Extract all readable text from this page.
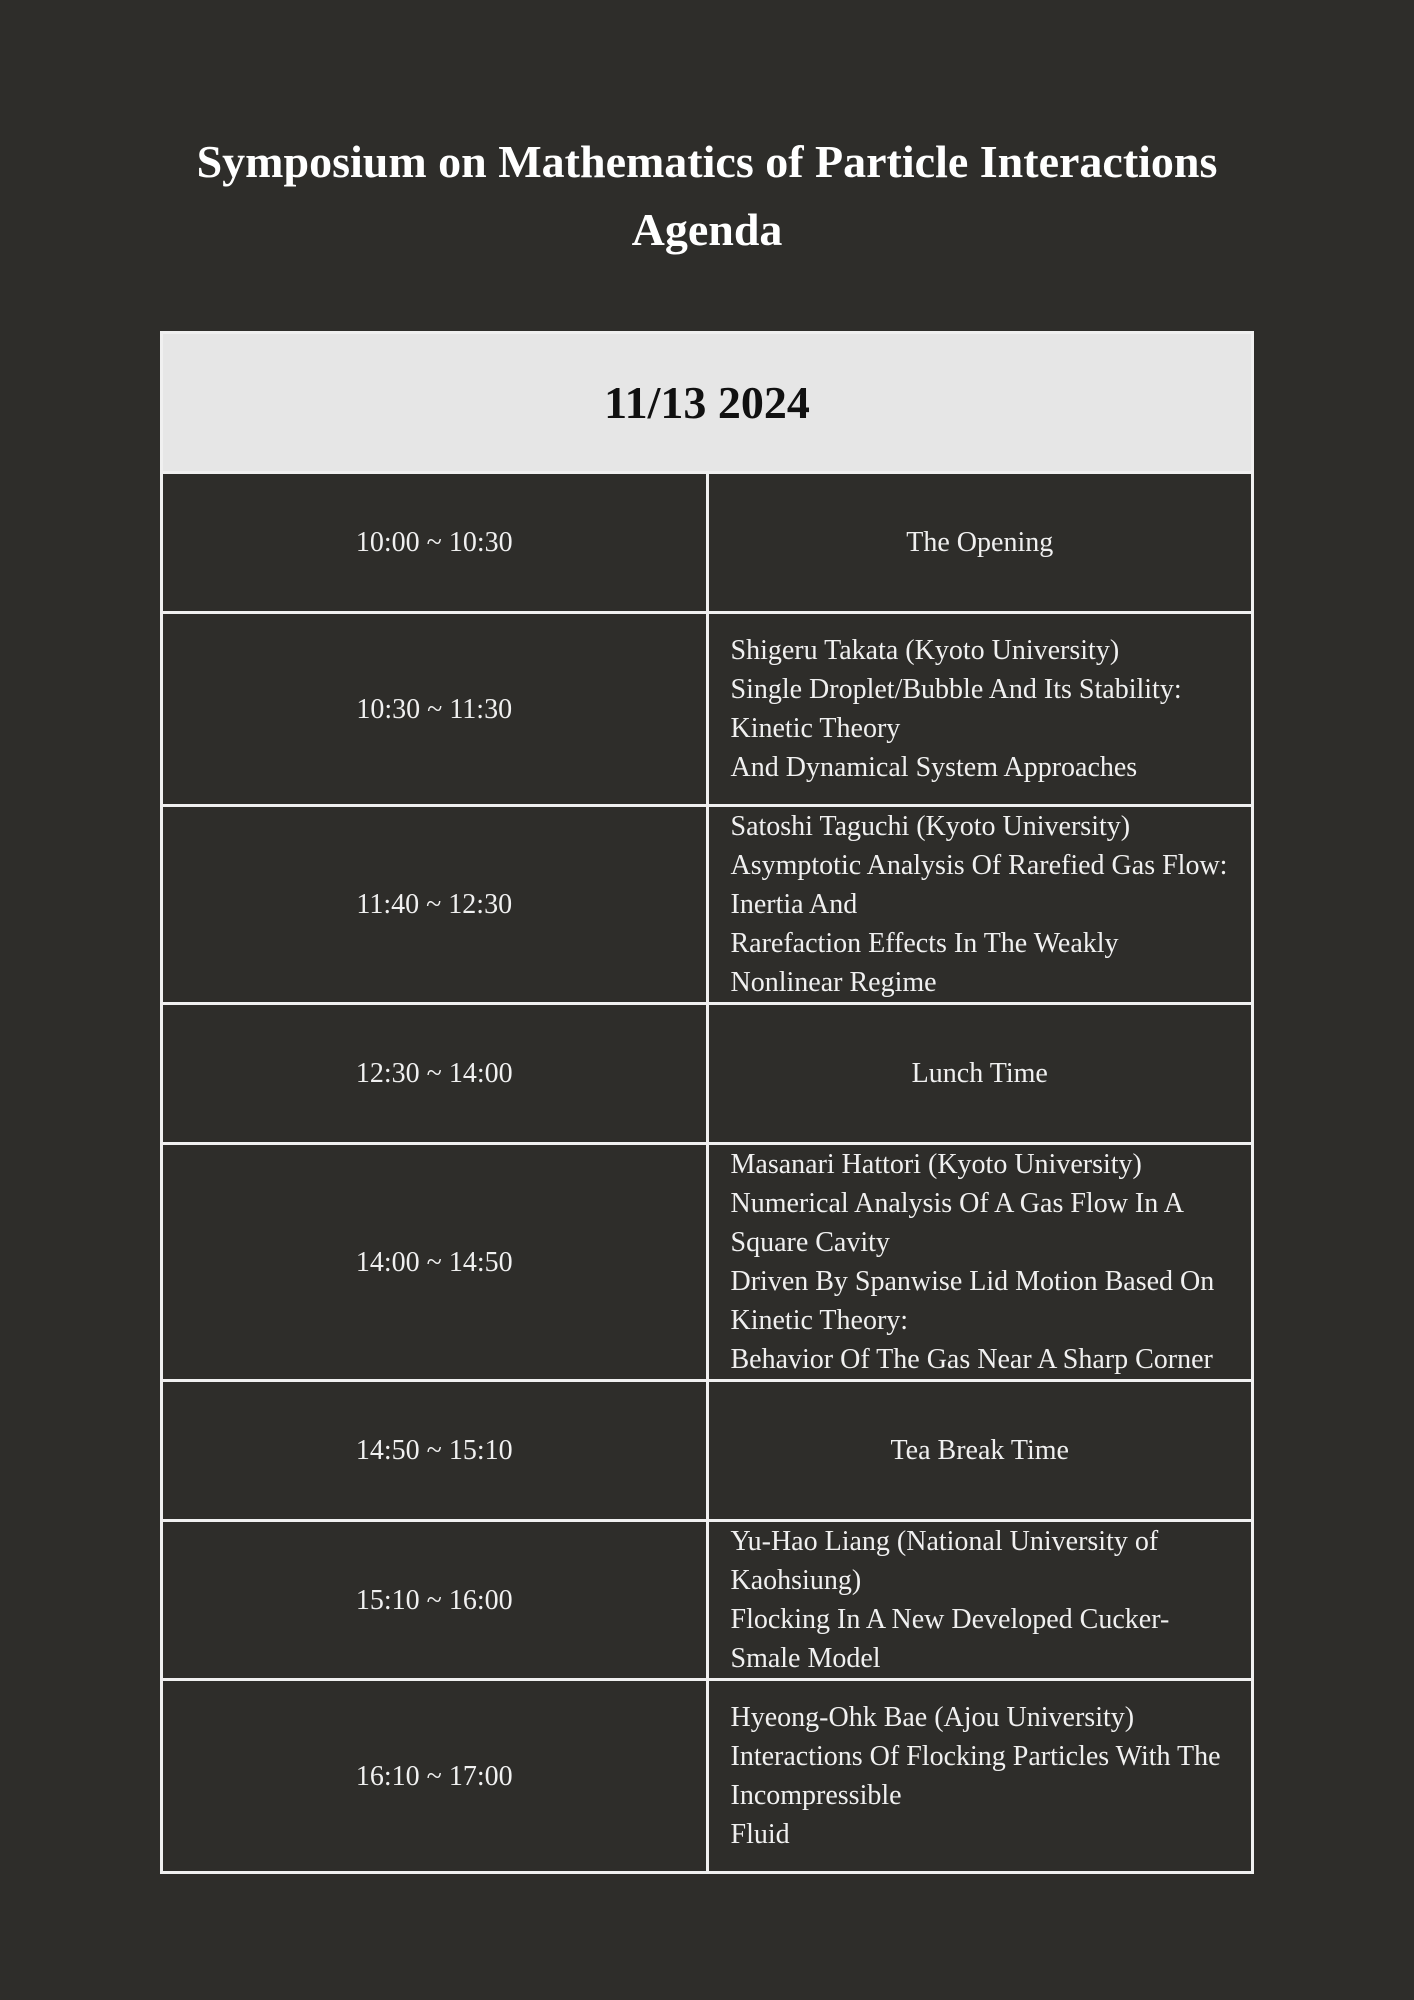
Symposium on Mathematics of Particle Interactions
Agenda
11/13 2024	
10:00 ~ 10:30	The Opening
10:30 ~ 11:30	Shigeru Takata (Kyoto University)
Single Droplet/Bubble And Its Stability: Kinetic Theory
And Dynamical System Approaches

11:40 ~ 12:30	Satoshi Taguchi (Kyoto University)
Asymptotic Analysis Of Rarefied Gas Flow: Inertia And
Rarefaction Effects In The Weakly Nonlinear Regime

12:30 ~ 14:00	Lunch Time
14:00 ~ 14:50	Masanari Hattori (Kyoto University)
Numerical Analysis Of A Gas Flow In A Square Cavity
Driven By Spanwise Lid Motion Based On Kinetic Theory:
Behavior Of The Gas Near A Sharp Corner

14:50 ~ 15:10	Tea Break Time
15:10 ~ 16:00	Yu-Hao Liang (National University of Kaohsiung)
Flocking In A New Developed Cucker-Smale Model

16:10 ~ 17:00	Hyeong-Ohk Bae (Ajou University)
Interactions Of Flocking Particles With The Incompressible
Fluid
